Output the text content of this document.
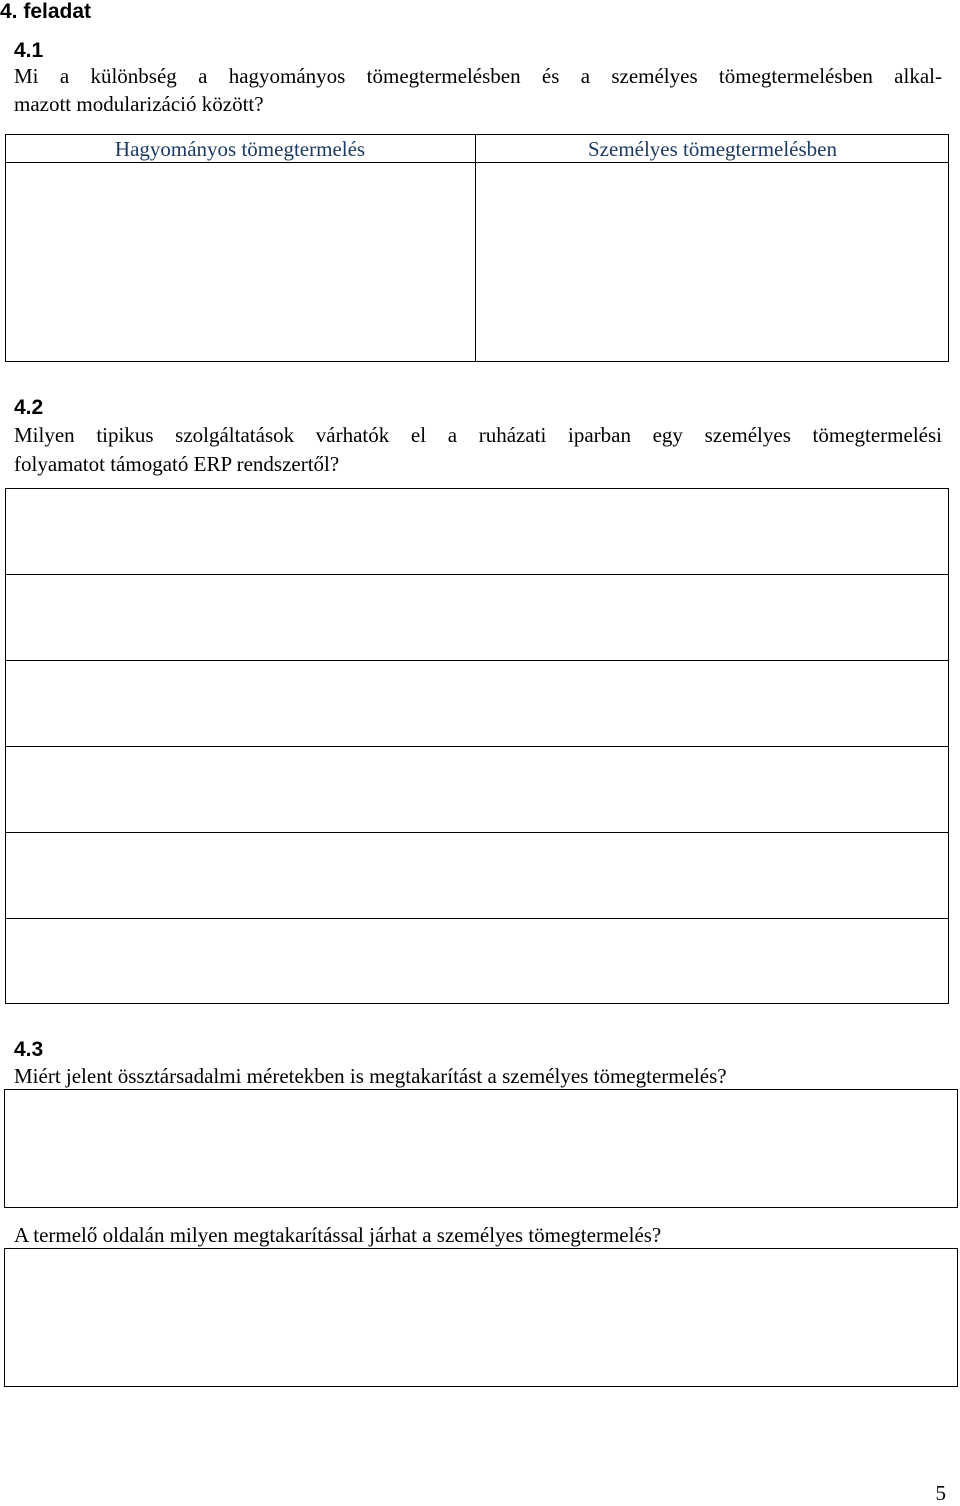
4. feladat
4.1
Mi a különbség a hagyományos tömegtermelésben és a személyes tömegtermelésben alkal-
mazott modularizáció között?
Hagyományos tömegtermelés	Személyes tömegtermelésben
4.2
Milyen tipikus szolgáltatások várhatók el a ruházati iparban egy személyes tömegtermelési
folyamatot támogató ERP rendszertől?
4.3
Miért jelent össztársadalmi méretekben is megtakarítást a személyes tömegtermelés?
A termelő oldalán milyen megtakarítással járhat a személyes tömegtermelés?
5
